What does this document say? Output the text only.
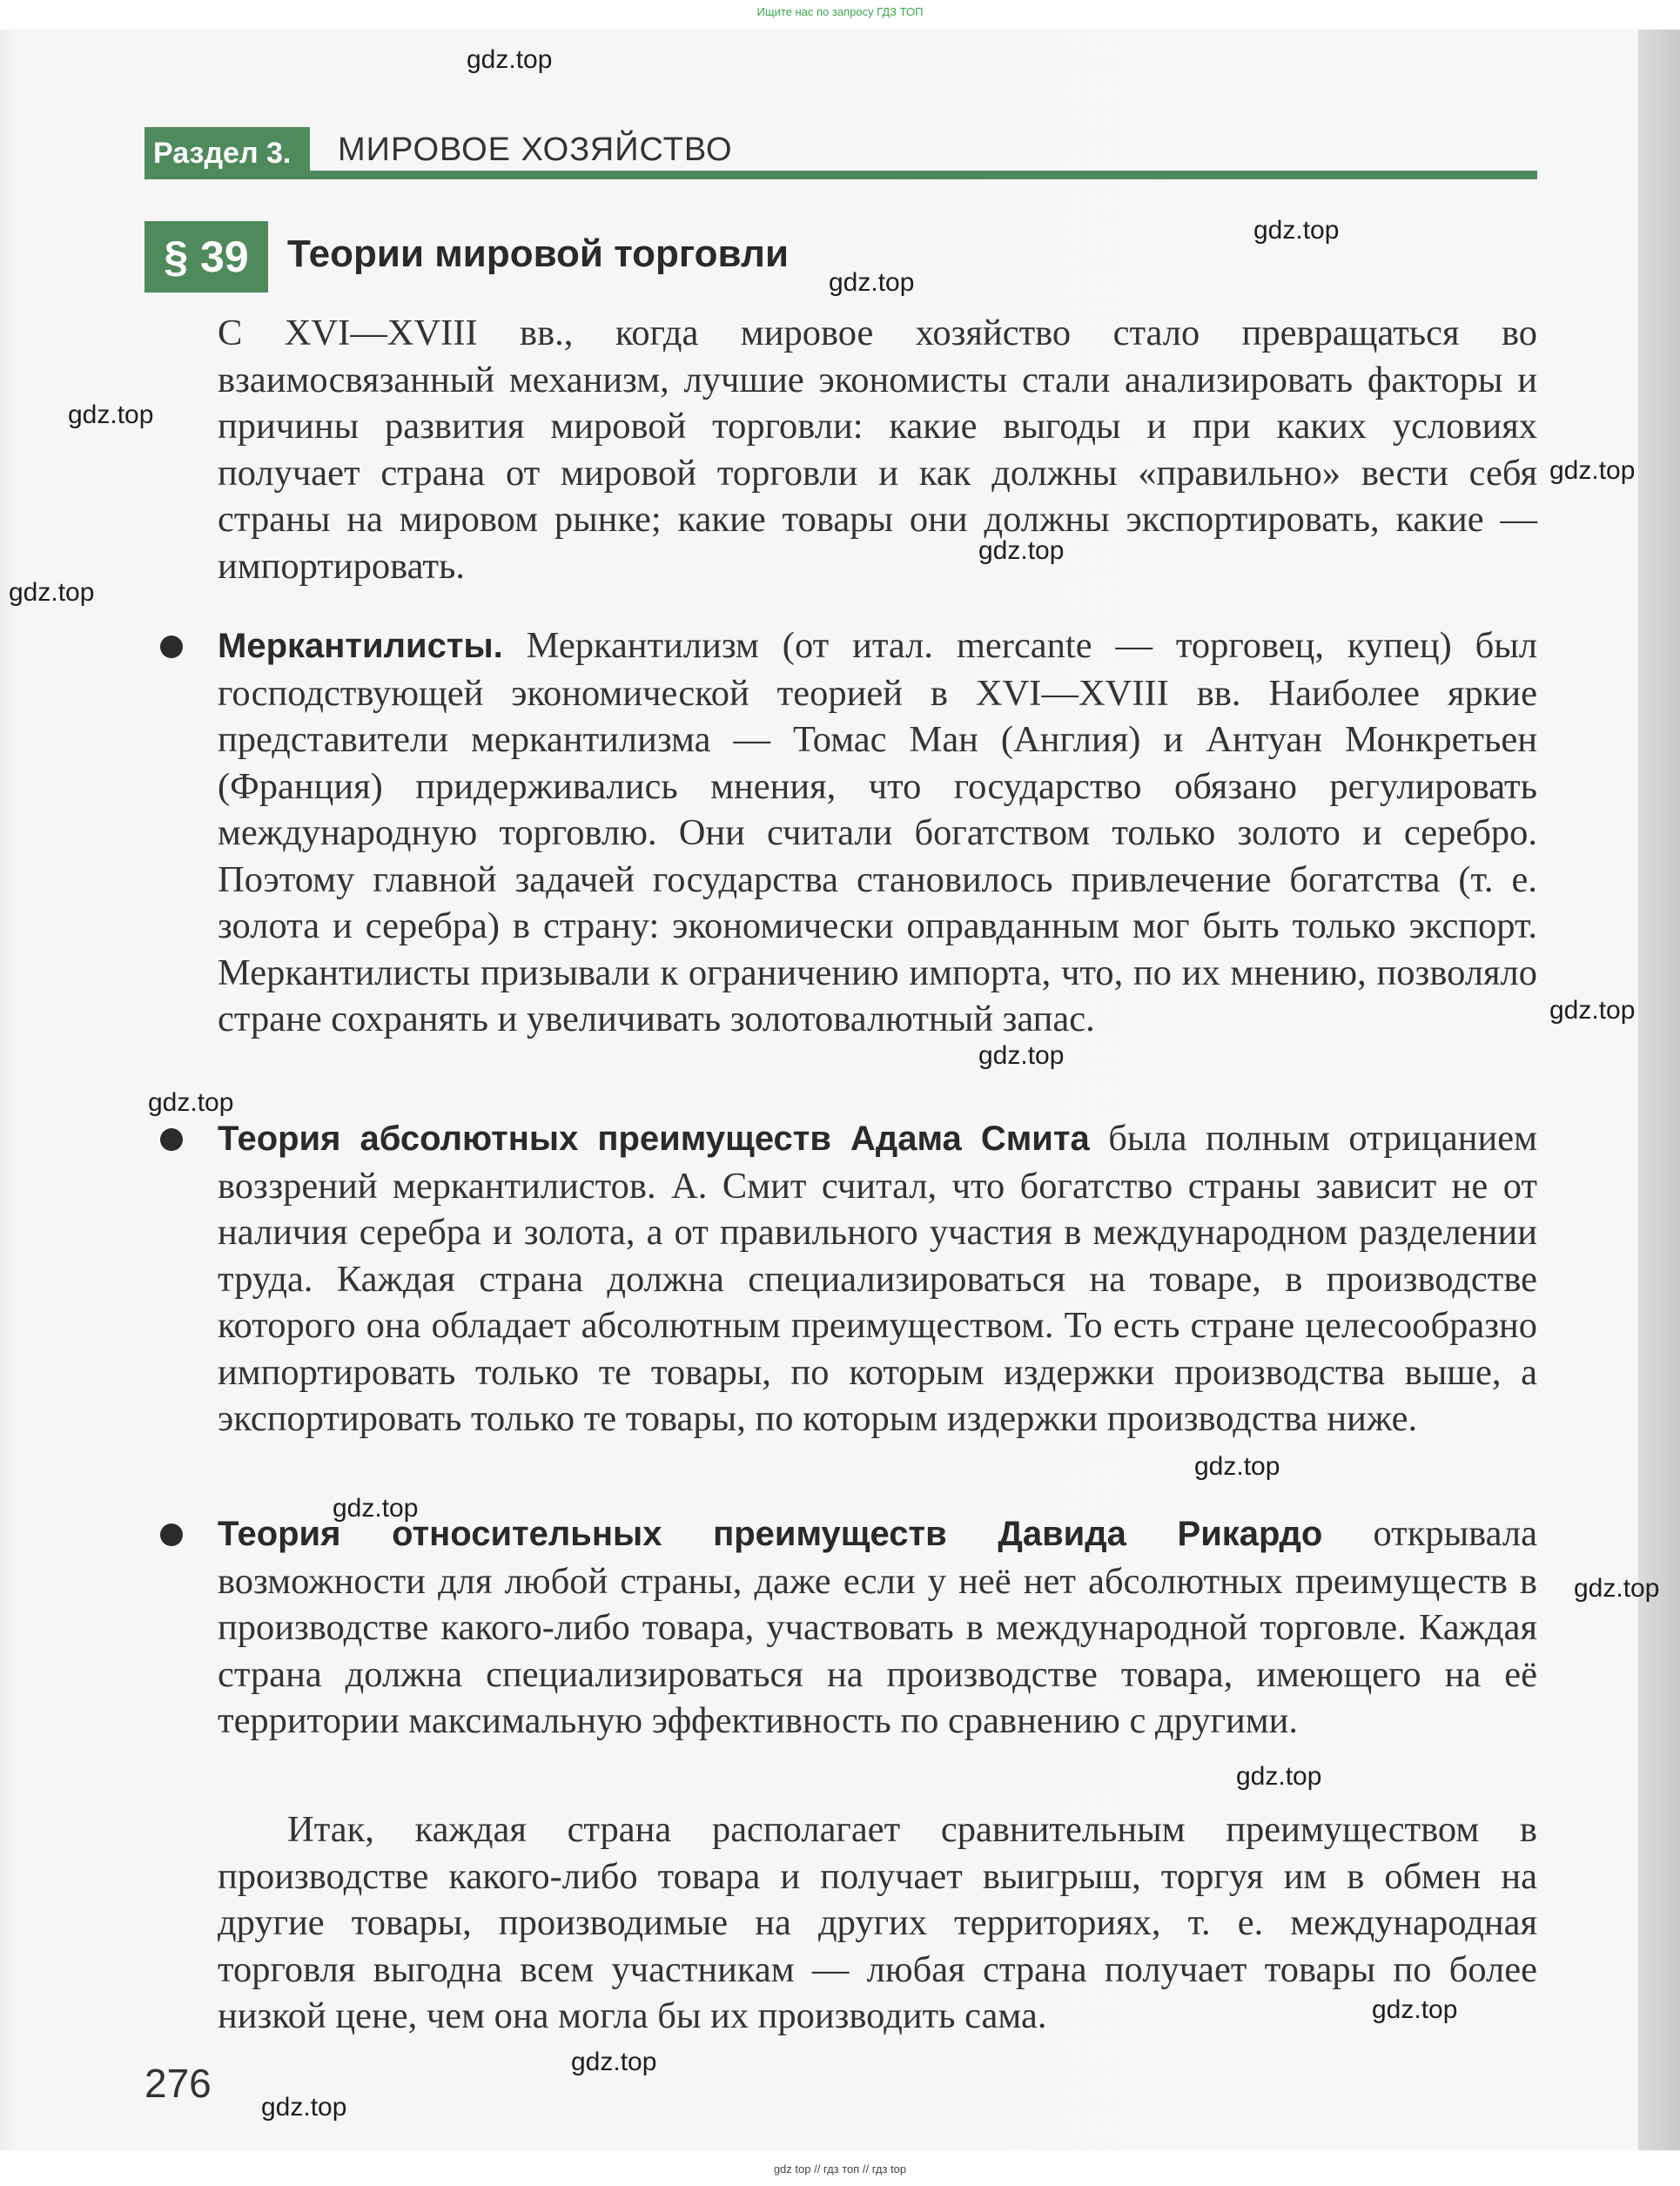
Ищите нас по запросу ГДЗ ТОП
Раздел 3.	МИРОВОЕ ХОЗЯЙСТВО
§ 39	Теории мировой торговли
С XVI—XVIII вв., когда мировое хозяйство стало превращаться во взаимосвязанный механизм, лучшие экономисты стали анализировать факторы и причины развития мировой торговли: какие выгоды и при каких условиях получает страна от мировой торговли и как должны «правильно» вести себя страны на мировом рынке; какие товары они должны экспортировать, какие — импортировать.
Меркантилисты. Меркантилизм (от итал. mercante — торговец, купец) был господствующей экономической теорией в XVI—XVIII вв. Наиболее яркие представители меркантилизма — Томас Ман (Англия) и Антуан Монкретьен (Франция) придерживались мнения, что государство обязано регулировать международную торговлю. Они считали богатством только золото и серебро. Поэтому главной задачей государства становилось привлечение богатства (т. е. золота и серебра) в страну: экономически оправданным мог быть только экспорт. Меркантилисты призывали к ограничению импорта, что, по их мнению, позволяло стране сохранять и увеличивать золотовалютный запас.
Теория абсолютных преимуществ Адама Смита была полным отрицанием воззрений меркантилистов. А. Смит считал, что богатство страны зависит не от наличия серебра и золота, а от правильного участия в международном разделении труда. Каждая страна должна специализироваться на товаре, в производстве которого она обладает абсолютным преимуществом. То есть стране целесообразно импортировать только те товары, по которым издержки производства выше, а экспортировать только те товары, по которым издержки производства ниже.
Теория относительных преимуществ Давида Рикардо открывала возможности для любой страны, даже если у неё нет абсолютных преимуществ в производстве какого-либо товара, участвовать в международной торговле. Каждая страна должна специализироваться на производстве товара, имеющего на её территории максимальную эффективность по сравнению с другими.
Итак, каждая страна располагает сравнительным преимуществом в производстве какого-либо товара и получает выигрыш, торгуя им в обмен на другие товары, производимые на других территориях, т. е. международная торговля выгодна всем участникам — любая страна получает товары по более низкой цене, чем она могла бы их производить сама.
276
gdz.top
gdz.top
gdz.top
gdz.top
gdz.top
gdz.top
gdz.top
gdz.top
gdz.top
gdz.top
gdz.top
gdz.top
gdz.top
gdz.top
gdz.top
gdz.top
gdz.top
gdz top // гдз топ // гдз top
